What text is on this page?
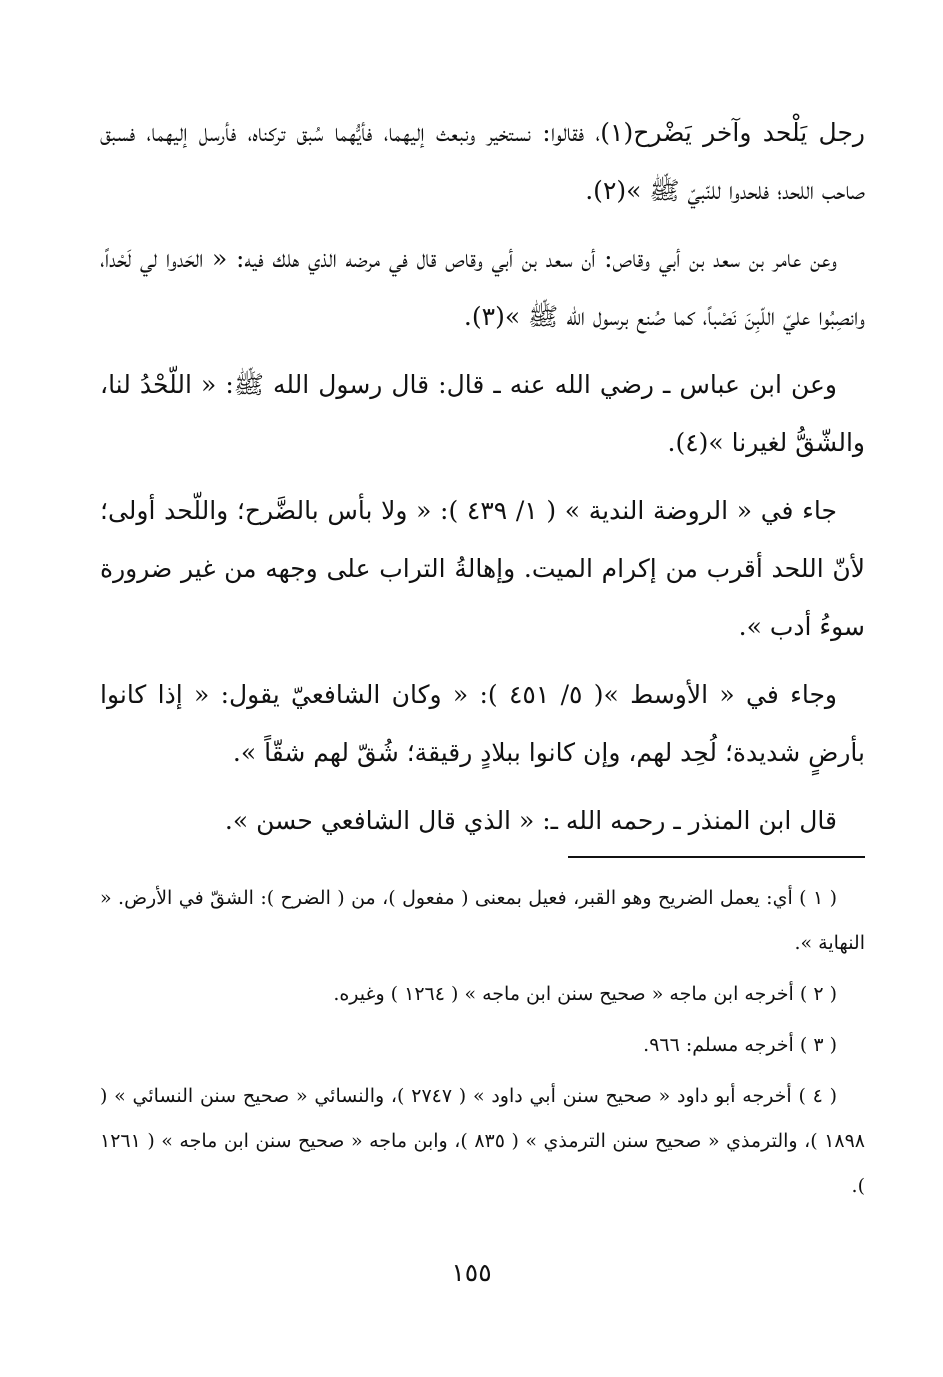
رجل يَلْحد وآخر يَضْرح(١)، فقالوا: نستخير ونبعث إليهما، فأيُّهما سُبق تركناه، فأرسل إليهما، فسبق صاحب اللحد؛ فلحدوا للنّبيّ ﷺ »(٢).

وعن عامر بن سعد بن أبي وقاص: أن سعد بن أبي وقاص قال في مرضه الذي هلك فيه: « الحَدوا لي لَحْداً، وانصِبُوا عليّ اللّبِنَ نَصْباً، كما صُنع برسول الله ﷺ »(٣).

وعن ابن عباس ـ رضي الله عنه ـ قال: قال رسول الله ﷺ: « اللّحْدُ لنا، والشّقُّ لغيرنا »(٤).

جاء في « الروضة الندية » ( ١/ ٤٣٩ ): « ولا بأس بالضَّرح؛ واللّحد أولى؛ لأنّ اللحد أقرب من إكرام الميت. وإهالةُ التراب على وجهه من غير ضرورة سوءُ أدب ».

وجاء في « الأوسط »( ٥/ ٤٥١ ): « وكان الشافعيّ يقول: « إذا كانوا بأرضٍ شديدة؛ لُحِد لهم، وإن كانوا ببلادٍ رقيقة؛ شُقّ لهم شقّاً ».

قال ابن المنذر ـ رحمه الله ـ: « الذي قال الشافعي حسن ».

( ١ ) أي: يعمل الضريح وهو القبر، فعيل بمعنى ( مفعول )، من ( الضرح ): الشقّ في الأرض. « النهاية ».

( ٢ ) أخرجه ابن ماجه « صحيح سنن ابن ماجه » ( ١٢٦٤ ) وغيره.

( ٣ ) أخرجه مسلم: ٩٦٦.

( ٤ ) أخرجه أبو داود « صحيح سنن أبي داود » ( ٢٧٤٧ )، والنسائي « صحيح سنن النسائي » ( ١٨٩٨ )، والترمذي « صحيح سنن الترمذي » ( ٨٣٥ )، وابن ماجه « صحيح سنن ابن ماجه » ( ١٢٦١ ).

١٥٥
